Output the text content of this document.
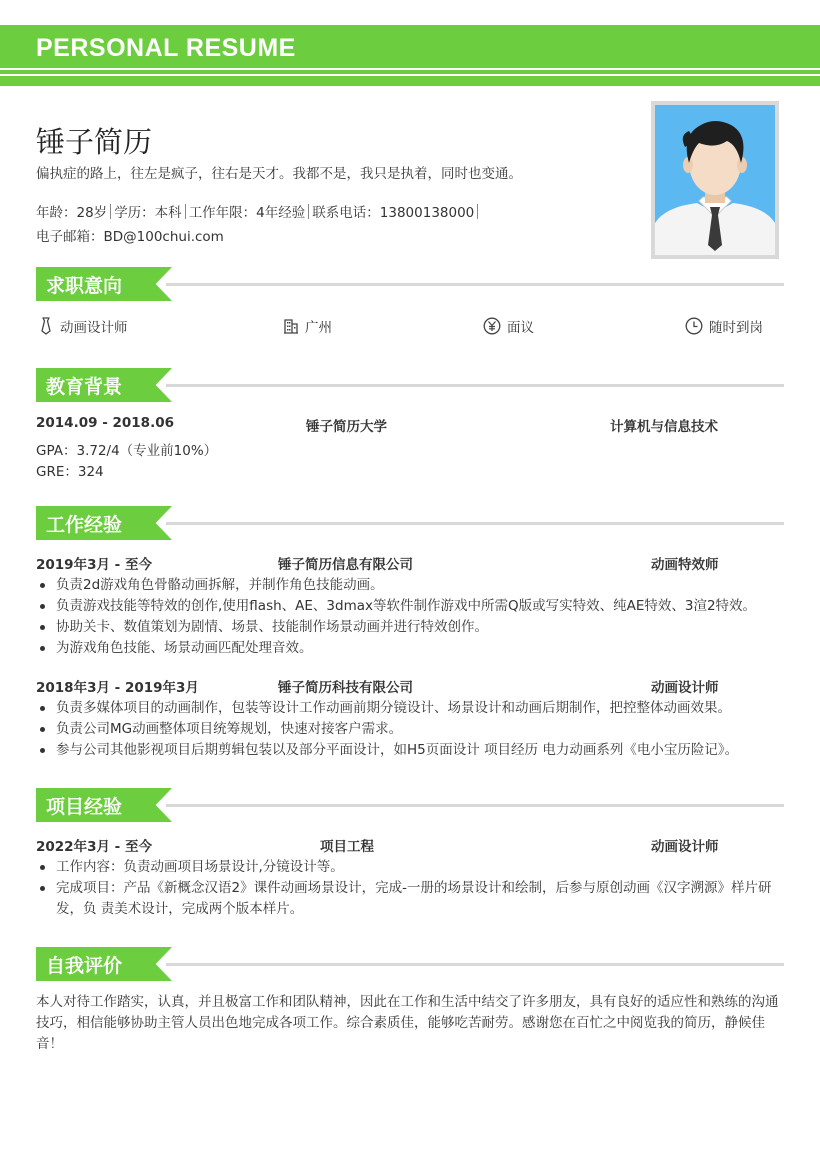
PERSONAL RESUME
锤子简历
偏执症的路上，往左是疯子，往右是天才。我都不是，我只是执着，同时也变通。
年龄：28岁 学历：本科 工作年限：4年经验 联系电话：13800138000
电子邮箱：BD@100chui.com
求职意向
动画设计师	广州	面议	随时到岗
教育背景
2014.09 - 2018.06	锤子简历大学	计算机与信息技术
GPA：3.72/4（专业前10%）
GRE：324
工作经验
2019年3月 - 至今	锤子简历信息有限公司	动画特效师
负责2d游戏角色骨骼动画拆解，并制作角色技能动画。
负责游戏技能等特效的创作,使用flash、AE、3dmax等软件制作游戏中所需Q版或写实特效、纯AE特效、3渲2特效。
协助关卡、数值策划为剧情、场景、技能制作场景动画并进行特效创作。
为游戏角色技能、场景动画匹配处理音效。
2018年3月 - 2019年3月	锤子简历科技有限公司	动画设计师
负责多媒体项目的动画制作，包装等设计工作动画前期分镜设计、场景设计和动画后期制作，把控整体动画效果。
负责公司MG动画整体项目统筹规划，快速对接客户需求。
参与公司其他影视项目后期剪辑包装以及部分平面设计，如H5页面设计 项目经历 电力动画系列《电小宝历险记》。
项目经验
2022年3月 - 至今	项目工程	动画设计师
工作内容：负责动画项目场景设计,分镜设计等。
完成项目：产品《新概念汉语2》课件动画场景设计，完成-一册的场景设计和绘制，后参与原创动画《汉字溯源》样片研发，负 责美术设计，完成两个版本样片。
自我评价
本人对待工作踏实，认真，并且极富工作和团队精神，因此在工作和生活中结交了许多朋友，具有良好的适应性和熟练的沟通技巧，相信能够协助主管人员出色地完成各项工作。综合素质佳，能够吃苦耐劳。感谢您在百忙之中阅览我的简历，静候佳音！
